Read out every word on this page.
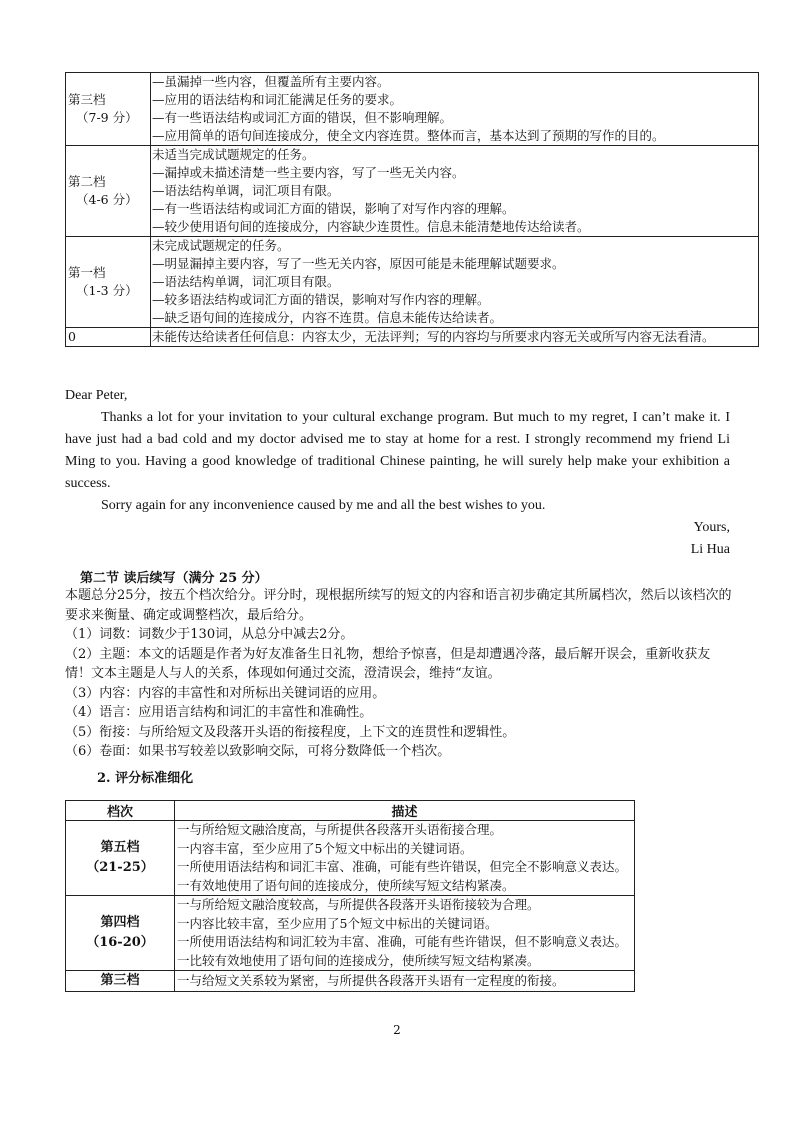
第三档
（7-9 分）	—虽漏掉一些内容，但覆盖所有主要内容。
—应用的语法结构和词汇能满足任务的要求。
—有一些语法结构或词汇方面的错误，但不影响理解。
—应用简单的语句间连接成分，使全文内容连贯。整体而言，基本达到了预期的写作的目的。

第二档
（4-6 分）	未适当完成试题规定的任务。
—漏掉或未描述清楚一些主要内容，写了一些无关内容。
—语法结构单调，词汇项目有限。
—有一些语法结构或词汇方面的错误，影响了对写作内容的理解。
—较少使用语句间的连接成分，内容缺少连贯性。信息未能清楚地传达给读者。

第一档
（1-3 分）	未完成试题规定的任务。
—明显漏掉主要内容，写了一些无关内容，原因可能是未能理解试题要求。
—语法结构单调，词汇项目有限。
—较多语法结构或词汇方面的错误，影响对写作内容的理解。
—缺乏语句间的连接成分，内容不连贯。信息未能传达给读者。

0	未能传达给读者任何信息：内容太少，无法评判；写的内容均与所要求内容无关或所写内容无法看清。

Dear Peter,

Thanks a lot for your invitation to your cultural exchange program. But much to my regret, I can’t make it. I have just had a bad cold and my doctor advised me to stay at home for a rest. I strongly recommend my friend Li Ming to you. Having a good knowledge of traditional Chinese painting, he will surely help make your exhibition a success.

Sorry again for any inconvenience caused by me and all the best wishes to you.

Yours,

Li Hua

第二节 读后续写（满分 25 分）

本题总分25分，按五个档次给分。评分时，现根据所续写的短文的内容和语言初步确定其所属档次，然后以该档次的要求来衡量、确定或调整档次，最后给分。

（1）词数：词数少于130词，从总分中减去2分。

（2）主题：本文的话题是作者为好友准备生日礼物，想给予惊喜，但是却遭遇冷落，最后解开误会，重新收获友情！文本主题是人与人的关系，体现如何通过交流，澄清误会，维持“友谊。

（3）内容：内容的丰富性和对所标出关键词语的应用。

（4）语言：应用语言结构和词汇的丰富性和准确性。

（5）衔接：与所给短文及段落开头语的衔接程度，上下文的连贯性和逻辑性。

（6）卷面：如果书写较差以致影响交际，可将分数降低一个档次。

2. 评分标准细化
档次	描述

第五档
（21-25）	一与所给短文融洽度高，与所提供各段落开头语衔接合理。
一内容丰富，至少应用了5个短文中标出的关键词语。
一所使用语法结构和词汇丰富、准确，可能有些许错误，但完全不影响意义表达。
一有效地使用了语句间的连接成分，使所续写短文结构紧凑。

第四档
（16-20）	一与所给短文融洽度较高，与所提供各段落开头语衔接较为合理。
一内容比较丰富，至少应用了5个短文中标出的关键词语。
一所使用语法结构和词汇较为丰富、准确，可能有些许错误，但不影响意义表达。
一比较有效地使用了语句间的连接成分，使所续写短文结构紧凑。

第三档	一与给短文关系较为紧密，与所提供各段落开头语有一定程度的衔接。
2
